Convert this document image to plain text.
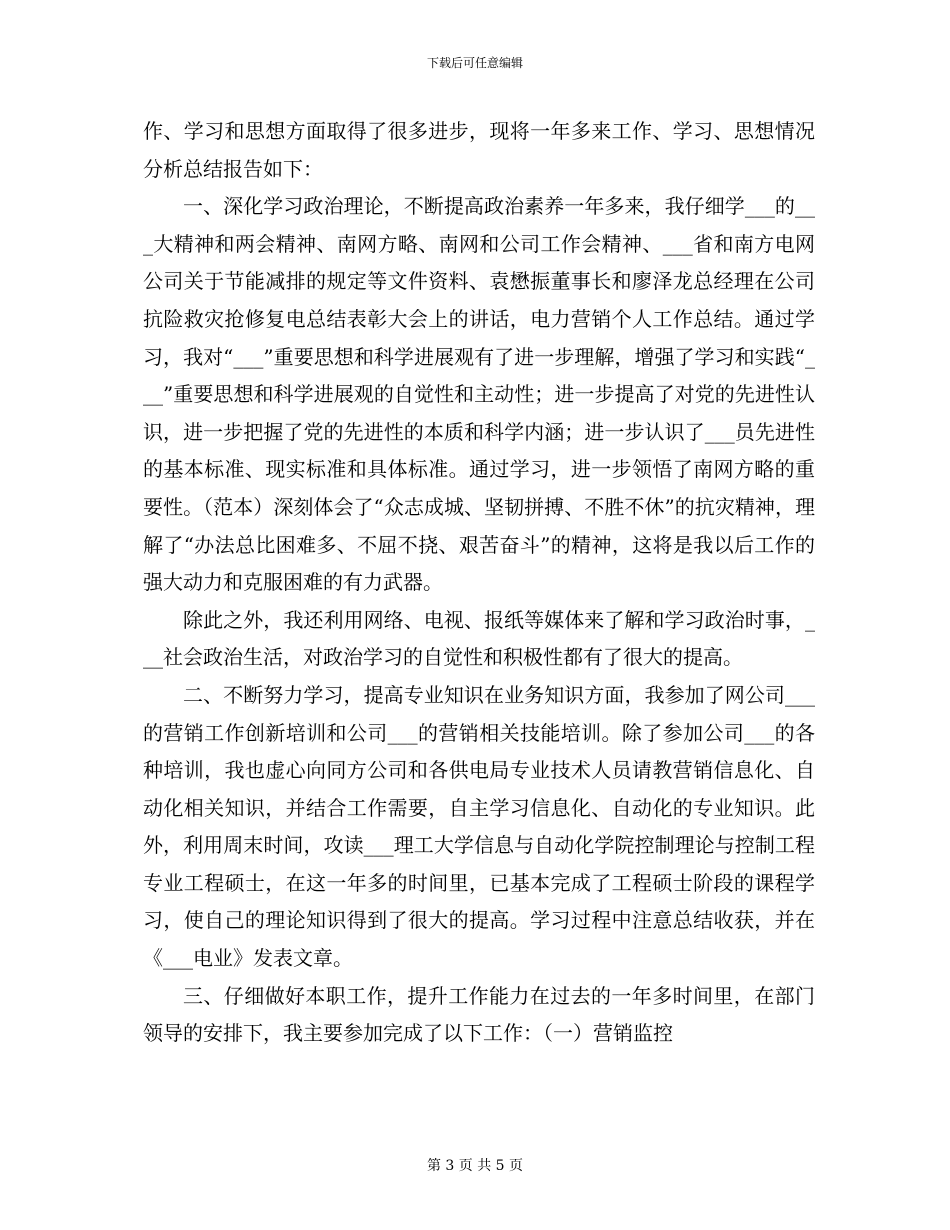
下载后可任意编辑

作、学习和思想方面取得了很多进步，现将一年多来工作、学习、思想情况分析总结报告如下：

一、深化学习政治理论，不断提高政治素养一年多来，我仔细学___的___大精神和两会精神、南网方略、南网和公司工作会精神、___省和南方电网公司关于节能减排的规定等文件资料、袁懋振董事长和廖泽龙总经理在公司抗险救灾抢修复电总结表彰大会上的讲话，电力营销个人工作总结。通过学习，我对“___”重要思想和科学进展观有了进一步理解，增强了学习和实践“___”重要思想和科学进展观的自觉性和主动性；进一步提高了对党的先进性认识，进一步把握了党的先进性的本质和科学内涵；进一步认识了___员先进性的基本标准、现实标准和具体标准。通过学习，进一步领悟了南网方略的重要性。（范本）深刻体会了“众志成城、坚韧拼搏、不胜不休”的抗灾精神，理解了“办法总比困难多、不屈不挠、艰苦奋斗”的精神，这将是我以后工作的强大动力和克服困难的有力武器。

除此之外，我还利用网络、电视、报纸等媒体来了解和学习政治时事，___社会政治生活，对政治学习的自觉性和积极性都有了很大的提高。

二、不断努力学习，提高专业知识在业务知识方面，我参加了网公司___的营销工作创新培训和公司___的营销相关技能培训。除了参加公司___的各种培训，我也虚心向同方公司和各供电局专业技术人员请教营销信息化、自动化相关知识，并结合工作需要，自主学习信息化、自动化的专业知识。此外，利用周末时间，攻读___理工大学信息与自动化学院控制理论与控制工程专业工程硕士，在这一年多的时间里，已基本完成了工程硕士阶段的课程学习，使自己的理论知识得到了很大的提高。学习过程中注意总结收获，并在《___电业》发表文章。

三、仔细做好本职工作，提升工作能力在过去的一年多时间里，在部门领导的安排下，我主要参加完成了以下工作：（一）营销监控

第 3 页 共 5 页
